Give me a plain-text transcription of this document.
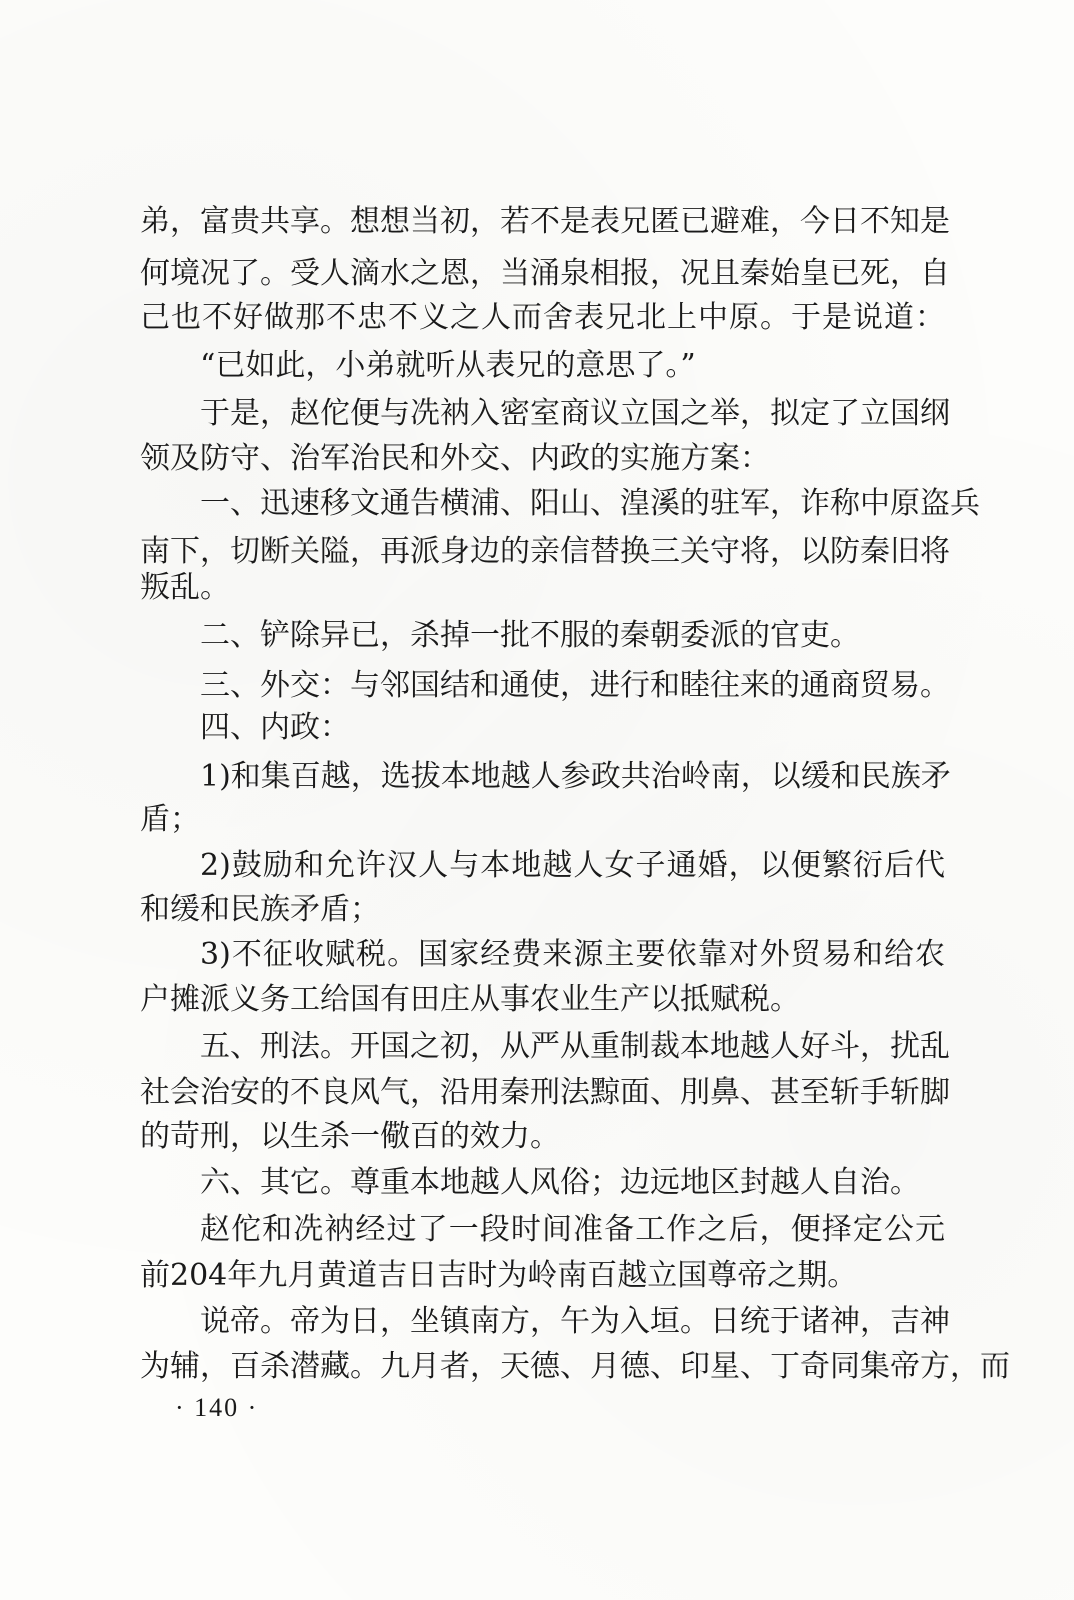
弟，富贵共享。想想当初，若不是表兄匿已避难，今日不知是
何境况了。受人滴水之恩，当涌泉相报，况且秦始皇已死，自
己也不好做那不忠不义之人而舍表兄北上中原。于是说道：
“已如此，小弟就听从表兄的意思了。”
于是，赵佗便与冼衲入密室商议立国之举，拟定了立国纲
领及防守、治军治民和外交、内政的实施方案：
一、迅速移文通告横浦、阳山、湟溪的驻军，诈称中原盗兵
南下，切断关隘，再派身边的亲信替换三关守将，以防秦旧将
叛乱。
二、铲除异已，杀掉一批不服的秦朝委派的官吏。
三、外交：与邻国结和通使，进行和睦往来的通商贸易。
四、内政：
1)和集百越，选拔本地越人参政共治岭南，以缓和民族矛
盾；
2)鼓励和允许汉人与本地越人女子通婚，以便繁衍后代
和缓和民族矛盾；
3)不征收赋税。国家经费来源主要依靠对外贸易和给农
户摊派义务工给国有田庄从事农业生产以抵赋税。
五、刑法。开国之初，从严从重制裁本地越人好斗，扰乱
社会治安的不良风气，沿用秦刑法黥面、刖鼻、甚至斩手斩脚
的苛刑，以生杀一儆百的效力。
六、其它。尊重本地越人风俗；边远地区封越人自治。
赵佗和冼衲经过了一段时间准备工作之后，便择定公元
前204年九月黄道吉日吉时为岭南百越立国尊帝之期。
说帝。帝为日，坐镇南方，午为入垣。日统于诸神，吉神
为辅，百杀潜藏。九月者，天德、月德、印星、丁奇同集帝方，而
· 140 ·
